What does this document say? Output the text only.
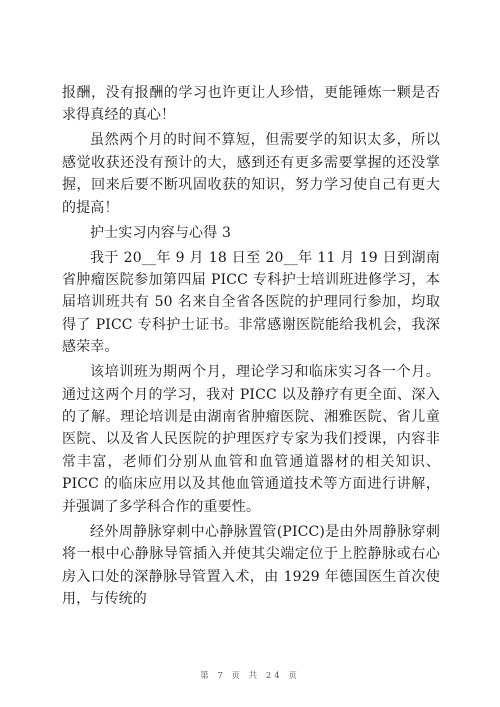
报酬，没有报酬的学习也许更让人珍惜，更能锤炼一颗是否求得真经的真心！

虽然两个月的时间不算短，但需要学的知识太多，所以感觉收获还没有预计的大，感到还有更多需要掌握的还没掌握，回来后要不断巩固收获的知识，努力学习使自己有更大的提高！

护士实习内容与心得 3

我于 20__年 9 月 18 日至 20__年 11 月 19 日到湖南省肿瘤医院参加第四届 PICC 专科护士培训班进修学习，本届培训班共有 50 名来自全省各医院的护理同行参加，均取得了 PICC 专科护士证书。非常感谢医院能给我机会，我深感荣幸。

该培训班为期两个月，理论学习和临床实习各一个月。通过这两个月的学习，我对 PICC 以及静疗有更全面、深入的了解。理论培训是由湖南省肿瘤医院、湘雅医院、省儿童医院、以及省人民医院的护理医疗专家为我们授课，内容非常丰富，老师们分别从血管和血管通道器材的相关知识、PICC 的临床应用以及其他血管通道技术等方面进行讲解，并强调了多学科合作的重要性。

经外周静脉穿刺中心静脉置管(PICC)是由外周静脉穿刺将一根中心静脉导管插入并使其尖端定位于上腔静脉或右心房入口处的深静脉导管置入术，由 1929 年德国医生首次使用，与传统的

第 7 页 共 24 页
